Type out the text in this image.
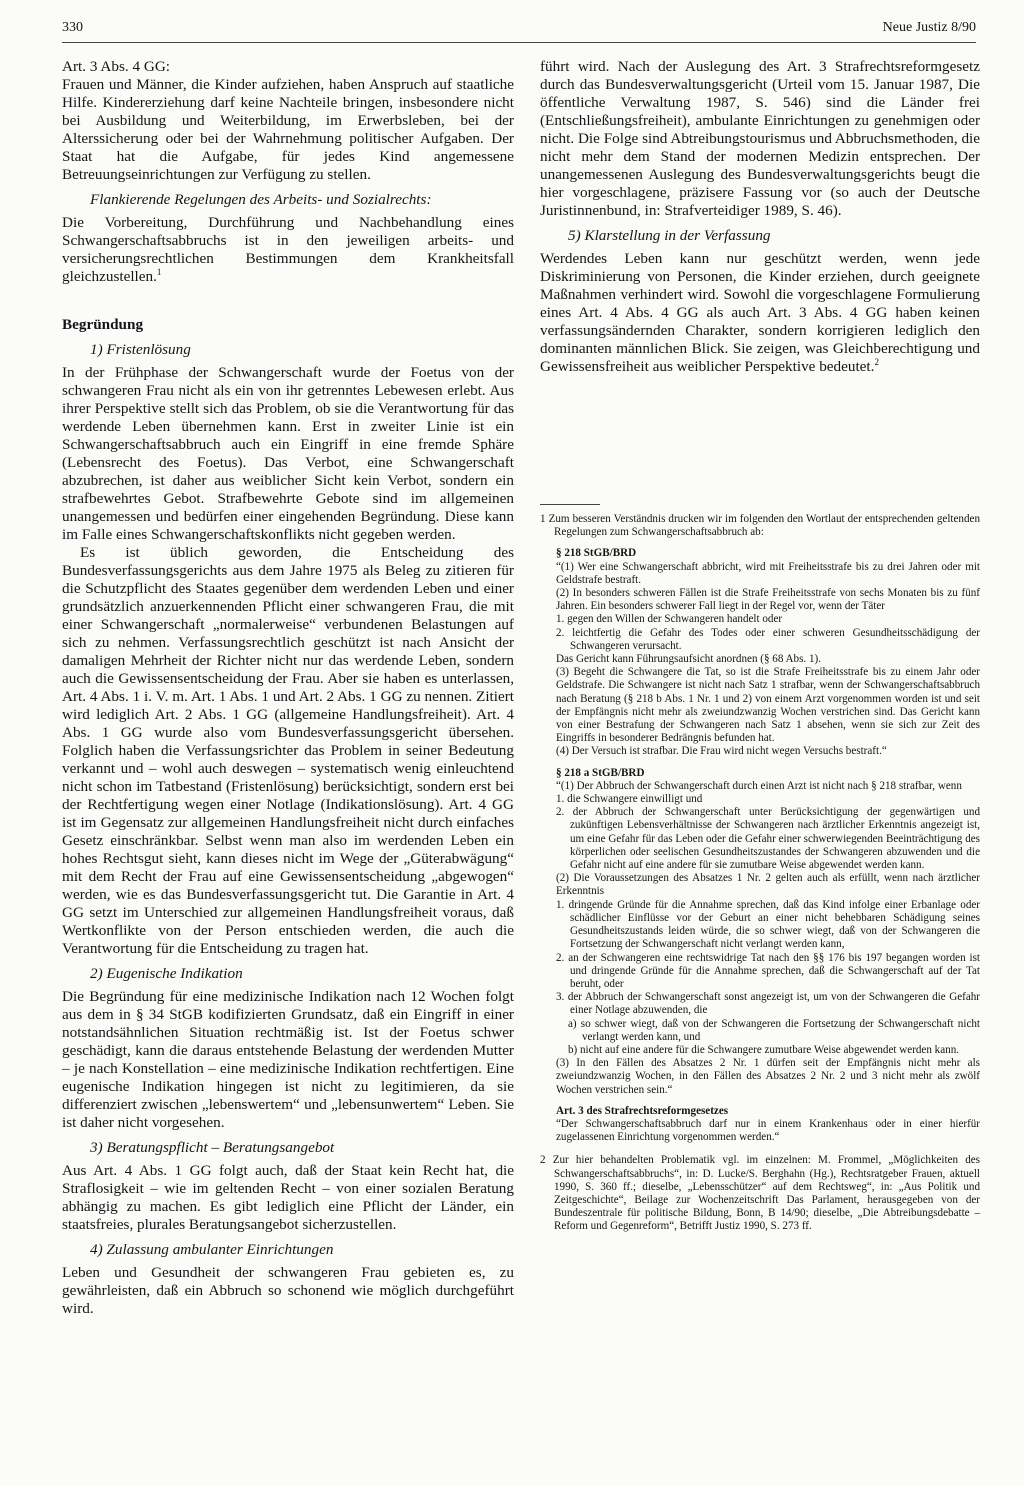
330	Neue Justiz 8/90

Art. 3 Abs. 4 GG:

Frauen und Männer, die Kinder aufziehen, haben Anspruch auf staatliche Hilfe. Kindererziehung darf keine Nachteile bringen, insbesondere nicht bei Ausbildung und Weiterbildung, im Erwerbsleben, bei der Alterssicherung oder bei der Wahrnehmung politischer Aufgaben. Der Staat hat die Aufgabe, für jedes Kind angemessene Betreuungseinrichtungen zur Verfügung zu stellen.

Flankierende Regelungen des Arbeits- und Sozialrechts:

Die Vorbereitung, Durchführung und Nachbehandlung eines Schwangerschaftsabbruchs ist in den jeweiligen arbeits- und versicherungsrechtlichen Bestimmungen dem Krankheitsfall gleichzustellen.$^1$

Begründung

1) Fristenlösung

In der Frühphase der Schwangerschaft wurde der Foetus von der schwangeren Frau nicht als ein von ihr getrenntes Lebewesen erlebt. Aus ihrer Perspektive stellt sich das Problem, ob sie die Verantwortung für das werdende Leben übernehmen kann. Erst in zweiter Linie ist ein Schwangerschaftsabbruch auch ein Eingriff in eine fremde Sphäre (Lebensrecht des Foetus). Das Verbot, eine Schwangerschaft abzubrechen, ist daher aus weiblicher Sicht kein Verbot, sondern ein strafbewehrtes Gebot. Strafbewehrte Gebote sind im allgemeinen unangemessen und bedürfen einer eingehenden Begründung. Diese kann im Falle eines Schwangerschaftskonflikts nicht gegeben werden.

Es ist üblich geworden, die Entscheidung des Bundesverfassungsgerichts aus dem Jahre 1975 als Beleg zu zitieren für die Schutzpflicht des Staates gegenüber dem werdenden Leben und einer grundsätzlich anzuerkennenden Pflicht einer schwangeren Frau, die mit einer Schwangerschaft „normalerweise“ verbundenen Belastungen auf sich zu nehmen. Verfassungsrechtlich geschützt ist nach Ansicht der damaligen Mehrheit der Richter nicht nur das werdende Leben, sondern auch die Gewissensentscheidung der Frau. Aber sie haben es unterlassen, Art. 4 Abs. 1 i. V. m. Art. 1 Abs. 1 und Art. 2 Abs. 1 GG zu nennen. Zitiert wird lediglich Art. 2 Abs. 1 GG (allgemeine Handlungsfreiheit). Art. 4 Abs. 1 GG wurde also vom Bundesverfassungsgericht übersehen. Folglich haben die Verfassungsrichter das Problem in seiner Bedeutung verkannt und – wohl auch deswegen – systematisch wenig einleuchtend nicht schon im Tatbestand (Fristenlösung) berücksichtigt, sondern erst bei der Rechtfertigung wegen einer Notlage (Indikationslösung). Art. 4 GG ist im Gegensatz zur allgemeinen Handlungsfreiheit nicht durch einfaches Gesetz einschränkbar. Selbst wenn man also im werdenden Leben ein hohes Rechtsgut sieht, kann dieses nicht im Wege der „Güterabwägung“ mit dem Recht der Frau auf eine Gewissensentscheidung „abgewogen“ werden, wie es das Bundesverfassungsgericht tut. Die Garantie in Art. 4 GG setzt im Unterschied zur allgemeinen Handlungsfreiheit voraus, daß Wertkonflikte von der Person entschieden werden, die auch die Verantwortung für die Entscheidung zu tragen hat.

2) Eugenische Indikation

Die Begründung für eine medizinische Indikation nach 12 Wochen folgt aus dem in § 34 StGB kodifizierten Grundsatz, daß ein Eingriff in einer notstandsähnlichen Situation rechtmäßig ist. Ist der Foetus schwer geschädigt, kann die daraus entstehende Belastung der werdenden Mutter – je nach Konstellation – eine medizinische Indikation rechtfertigen. Eine eugenische Indikation hingegen ist nicht zu legitimieren, da sie differenziert zwischen „lebenswertem“ und „lebensunwertem“ Leben. Sie ist daher nicht vorgesehen.

3) Beratungspflicht – Beratungsangebot

Aus Art. 4 Abs. 1 GG folgt auch, daß der Staat kein Recht hat, die Straflosigkeit – wie im geltenden Recht – von einer sozialen Beratung abhängig zu machen. Es gibt lediglich eine Pflicht der Länder, ein staatsfreies, plurales Beratungsangebot sicherzustellen.

4) Zulassung ambulanter Einrichtungen

Leben und Gesundheit der schwangeren Frau gebieten es, zu gewährleisten, daß ein Abbruch so schonend wie möglich durchgeführt wird.

führt wird. Nach der Auslegung des Art. 3 Strafrechtsreformgesetz durch das Bundesverwaltungsgericht (Urteil vom 15. Januar 1987, Die öffentliche Verwaltung 1987, S. 546) sind die Länder frei (Entschließungsfreiheit), ambulante Einrichtungen zu genehmigen oder nicht. Die Folge sind Abtreibungstourismus und Abbruchsmethoden, die nicht mehr dem Stand der modernen Medizin entsprechen. Der unangemessenen Auslegung des Bundesverwaltungsgerichts beugt die hier vorgeschlagene, präzisere Fassung vor (so auch der Deutsche Juristinnenbund, in: Strafverteidiger 1989, S. 46).

5) Klarstellung in der Verfassung

Werdendes Leben kann nur geschützt werden, wenn jede Diskriminierung von Personen, die Kinder erziehen, durch geeignete Maßnahmen verhindert wird. Sowohl die vorgeschlagene Formulierung eines Art. 4 Abs. 4 GG als auch Art. 3 Abs. 4 GG haben keinen verfassungsändernden Charakter, sondern korrigieren lediglich den dominanten männlichen Blick. Sie zeigen, was Gleichberechtigung und Gewissensfreiheit aus weiblicher Perspektive bedeutet.$^2$

1 Zum besseren Verständnis drucken wir im folgenden den Wortlaut der entsprechenden geltenden Regelungen zum Schwangerschaftsabbruch ab:

§ 218 StGB/BRD

“(1) Wer eine Schwangerschaft abbricht, wird mit Freiheitsstrafe bis zu drei Jahren oder mit Geldstrafe bestraft.

(2) In besonders schweren Fällen ist die Strafe Freiheitsstrafe von sechs Monaten bis zu fünf Jahren. Ein besonders schwerer Fall liegt in der Regel vor, wenn der Täter

1. gegen den Willen der Schwangeren handelt oder

2. leichtfertig die Gefahr des Todes oder einer schweren Gesundheitsschädigung der Schwangeren verursacht.

Das Gericht kann Führungsaufsicht anordnen (§ 68 Abs. 1).

(3) Begeht die Schwangere die Tat, so ist die Strafe Freiheitsstrafe bis zu einem Jahr oder Geldstrafe. Die Schwangere ist nicht nach Satz 1 strafbar, wenn der Schwangerschaftsabbruch nach Beratung (§ 218 b Abs. 1 Nr. 1 und 2) von einem Arzt vorgenommen worden ist und seit der Empfängnis nicht mehr als zweiundzwanzig Wochen verstrichen sind. Das Gericht kann von einer Bestrafung der Schwangeren nach Satz 1 absehen, wenn sie sich zur Zeit des Eingriffs in besonderer Bedrängnis befunden hat.

(4) Der Versuch ist strafbar. Die Frau wird nicht wegen Versuchs bestraft.“

§ 218 a StGB/BRD

“(1) Der Abbruch der Schwangerschaft durch einen Arzt ist nicht nach § 218 strafbar, wenn

1. die Schwangere einwilligt und

2. der Abbruch der Schwangerschaft unter Berücksichtigung der gegenwärtigen und zukünftigen Lebensverhältnisse der Schwangeren nach ärztlicher Erkenntnis angezeigt ist, um eine Gefahr für das Leben oder die Gefahr einer schwerwiegenden Beeinträchtigung des körperlichen oder seelischen Gesundheitszustandes der Schwangeren abzuwenden und die Gefahr nicht auf eine andere für sie zumutbare Weise abgewendet werden kann.

(2) Die Voraussetzungen des Absatzes 1 Nr. 2 gelten auch als erfüllt, wenn nach ärztlicher Erkenntnis

1. dringende Gründe für die Annahme sprechen, daß das Kind infolge einer Erbanlage oder schädlicher Einflüsse vor der Geburt an einer nicht behebbaren Schädigung seines Gesundheitszustands leiden würde, die so schwer wiegt, daß von der Schwangeren die Fortsetzung der Schwangerschaft nicht verlangt werden kann,

2. an der Schwangeren eine rechtswidrige Tat nach den §§ 176 bis 197 begangen worden ist und dringende Gründe für die Annahme sprechen, daß die Schwangerschaft auf der Tat beruht, oder

3. der Abbruch der Schwangerschaft sonst angezeigt ist, um von der Schwangeren die Gefahr einer Notlage abzuwenden, die

a) so schwer wiegt, daß von der Schwangeren die Fortsetzung der Schwangerschaft nicht verlangt werden kann, und

b) nicht auf eine andere für die Schwangere zumutbare Weise abgewendet werden kann.

(3) In den Fällen des Absatzes 2 Nr. 1 dürfen seit der Empfängnis nicht mehr als zweiundzwanzig Wochen, in den Fällen des Absatzes 2 Nr. 2 und 3 nicht mehr als zwölf Wochen verstrichen sein.“

Art. 3 des Strafrechtsreformgesetzes

“Der Schwangerschaftsabbruch darf nur in einem Krankenhaus oder in einer hierfür zugelassenen Einrichtung vorgenommen werden.“

2 Zur hier behandelten Problematik vgl. im einzelnen: M. Frommel, „Möglichkeiten des Schwangerschaftsabbruchs“, in: D. Lucke/S. Berghahn (Hg.), Rechtsratgeber Frauen, aktuell 1990, S. 360 ff.; dieselbe, „Lebensschützer“ auf dem Rechtsweg“, in: „Aus Politik und Zeitgeschichte“, Beilage zur Wochenzeitschrift Das Parlament, herausgegeben von der Bundeszentrale für politische Bildung, Bonn, B 14/90; dieselbe, „Die Abtreibungsdebatte – Reform und Gegenreform“, Betrifft Justiz 1990, S. 273 ff.
